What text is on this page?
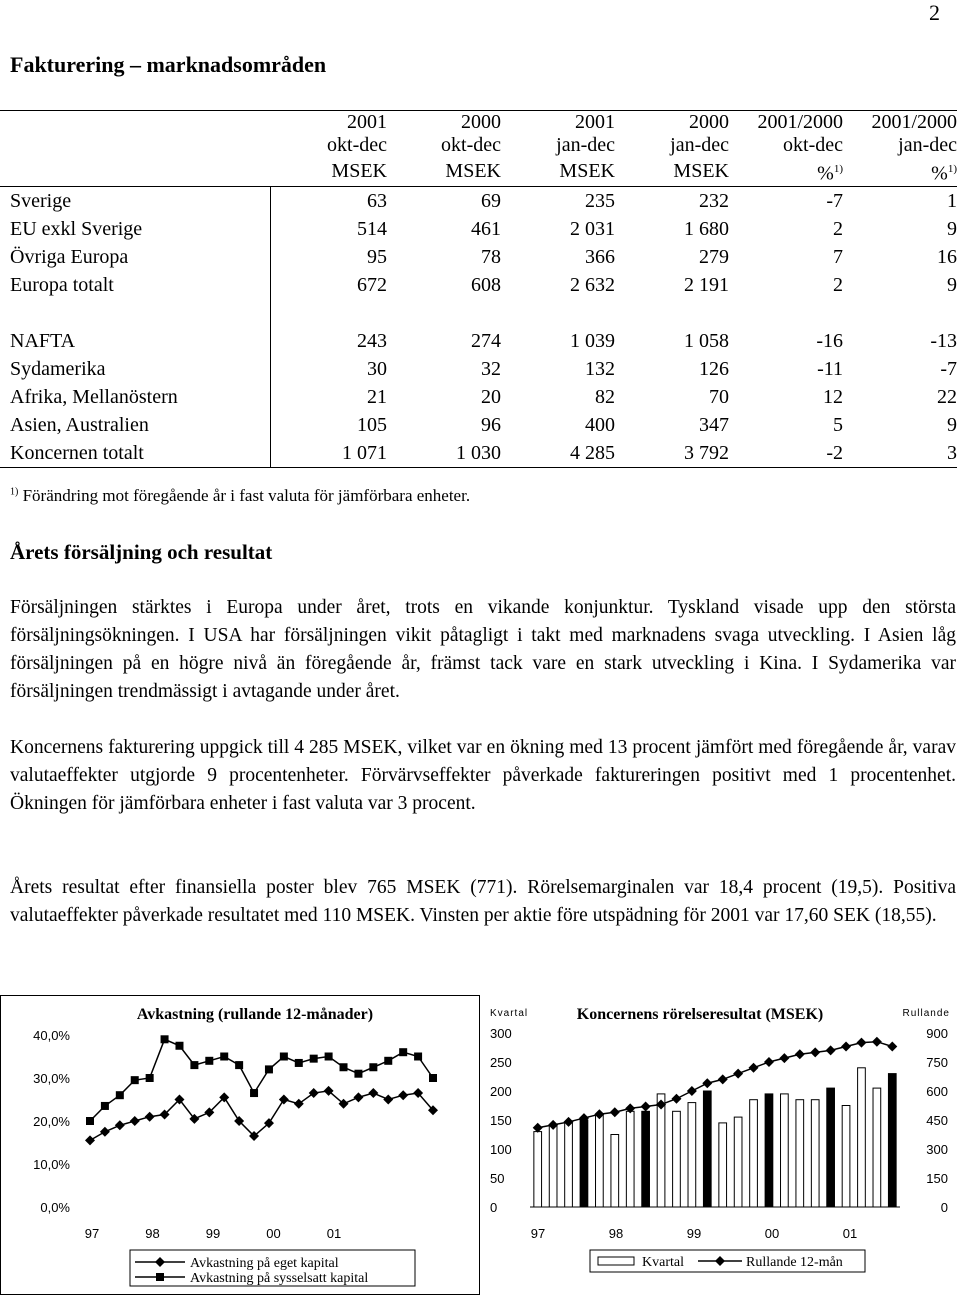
2
Fakturering – marknadsområden
	2001	2000	2001	2000	2001/2000	2001/2000
	okt-dec	okt-dec	jan-dec	jan-dec	okt-dec	jan-dec
	MSEK	MSEK	MSEK	MSEK	%$^{1)}$	%$^{1)}$
Sverige	63	69	235	232	-7	1
EU exkl Sverige	514	461	2 031	1 680	2	9
Övriga Europa	95	78	366	279	7	16
Europa totalt	672	608	2 632	2 191	2	9

NAFTA	243	274	1 039	1 058	-16	-13
Sydamerika	30	32	132	126	-11	-7
Afrika, Mellanöstern	21	20	82	70	12	22
Asien, Australien	105	96	400	347	5	9
Koncernen totalt	1 071	1 030	4 285	3 792	-2	3
$^{1)}$ Förändring mot föregående år i fast valuta för jämförbara enheter.
Årets försäljning och resultat

Försäljningen stärktes i Europa under året, trots en vikande konjunktur. Tyskland visade upp den största försäljningsökningen. I USA har försäljningen vikit påtagligt i takt med marknadens svaga utveckling. I Asien låg försäljningen på en högre nivå än föregående år, främst tack vare en stark utveckling i Kina. I Sydamerika var försäljningen trendmässigt i avtagande under året.

Koncernens fakturering uppgick till 4 285 MSEK, vilket var en ökning med 13 procent jämfört med föregående år, varav valutaeffekter utgjorde 9 procentenheter. Förvärvseffekter påverkade faktureringen positivt med 1 procentenhet. Ökningen för jämförbara enheter i fast valuta var 3 procent.

Årets resultat efter finansiella poster blev 765 MSEK (771). Rörelsemarginalen var 18,4 procent (19,5). Positiva valutaeffekter påverkade resultatet med 110 MSEK. Vinsten per aktie före utspädning för 2001 var 17,60 SEK (18,55).

Avkastning (rullande 12-månader)
40,0%
30,0%
20,0%
10,0%
0,0%
97	98	99	00	01
Avkastning på eget kapital
Avkastning på sysselsatt kapital
Kvartal	Koncernens rörelseresultat (MSEK)	Rullande
300
250
200
150
100
50
0
900
750
600
450
300
150
0
97	98	99	00	01
Kvartal	Rullande 12-mån
